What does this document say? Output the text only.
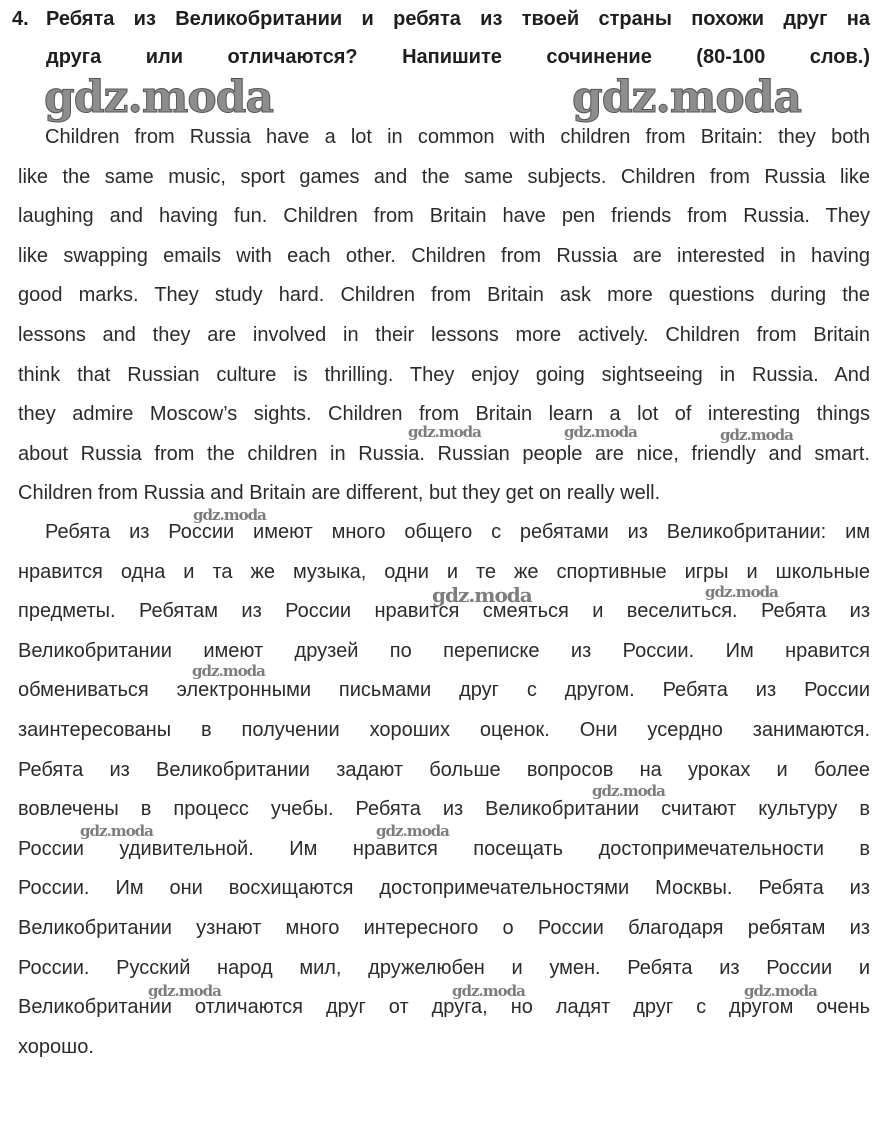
4. Ребята из Великобритании и ребята из твоей страны похожи друг на
друга или отличаются? Напишите сочинение (80-100 слов.)
Children from Russia have a lot in common with children from Britain: they both
like the same music, sport games and the same subjects. Children from Russia like
laughing and having fun. Children from Britain have pen friends from Russia. They
like swapping emails with each other. Children from Russia are interested in having
good marks. They study hard. Children from Britain ask more questions during the
lessons and they are involved in their lessons more actively. Children from Britain
think that Russian culture is thrilling. They enjoy going sightseeing in Russia. And
they admire Moscow’s sights. Children from Britain learn a lot of interesting things
about Russia from the children in Russia. Russian people are nice, friendly and smart.
Children from Russia and Britain are different, but they get on really well.
Ребята из России имеют много общего с ребятами из Великобритании: им
нравится одна и та же музыка, одни и те же спортивные игры и школьные
предметы. Ребятам из России нравится смеяться и веселиться. Ребята из
Великобритании имеют друзей по переписке из России. Им нравится
обмениваться электронными письмами друг с другом. Ребята из России
заинтересованы в получении хороших оценок. Они усердно занимаются.
Ребята из Великобритании задают больше вопросов на уроках и более
вовлечены в процесс учебы. Ребята из Великобритании считают культуру в
России удивительной. Им нравится посещать достопримечательности в
России. Им они восхищаются достопримечательностями Москвы. Ребята из
Великобритании узнают много интересного о России благодаря ребятам из
России. Русский народ мил, дружелюбен и умен. Ребята из России и
Великобритании отличаются друг от друга, но ладят друг с другом очень
хорошо.
gdz.moda	gdz.moda
gdz.moda	gdz.moda	gdz.moda
gdz.moda
gdz.moda	gdz.moda
gdz.moda
gdz.moda
gdz.moda	gdz.moda
gdz.moda	gdz.moda	gdz.moda
